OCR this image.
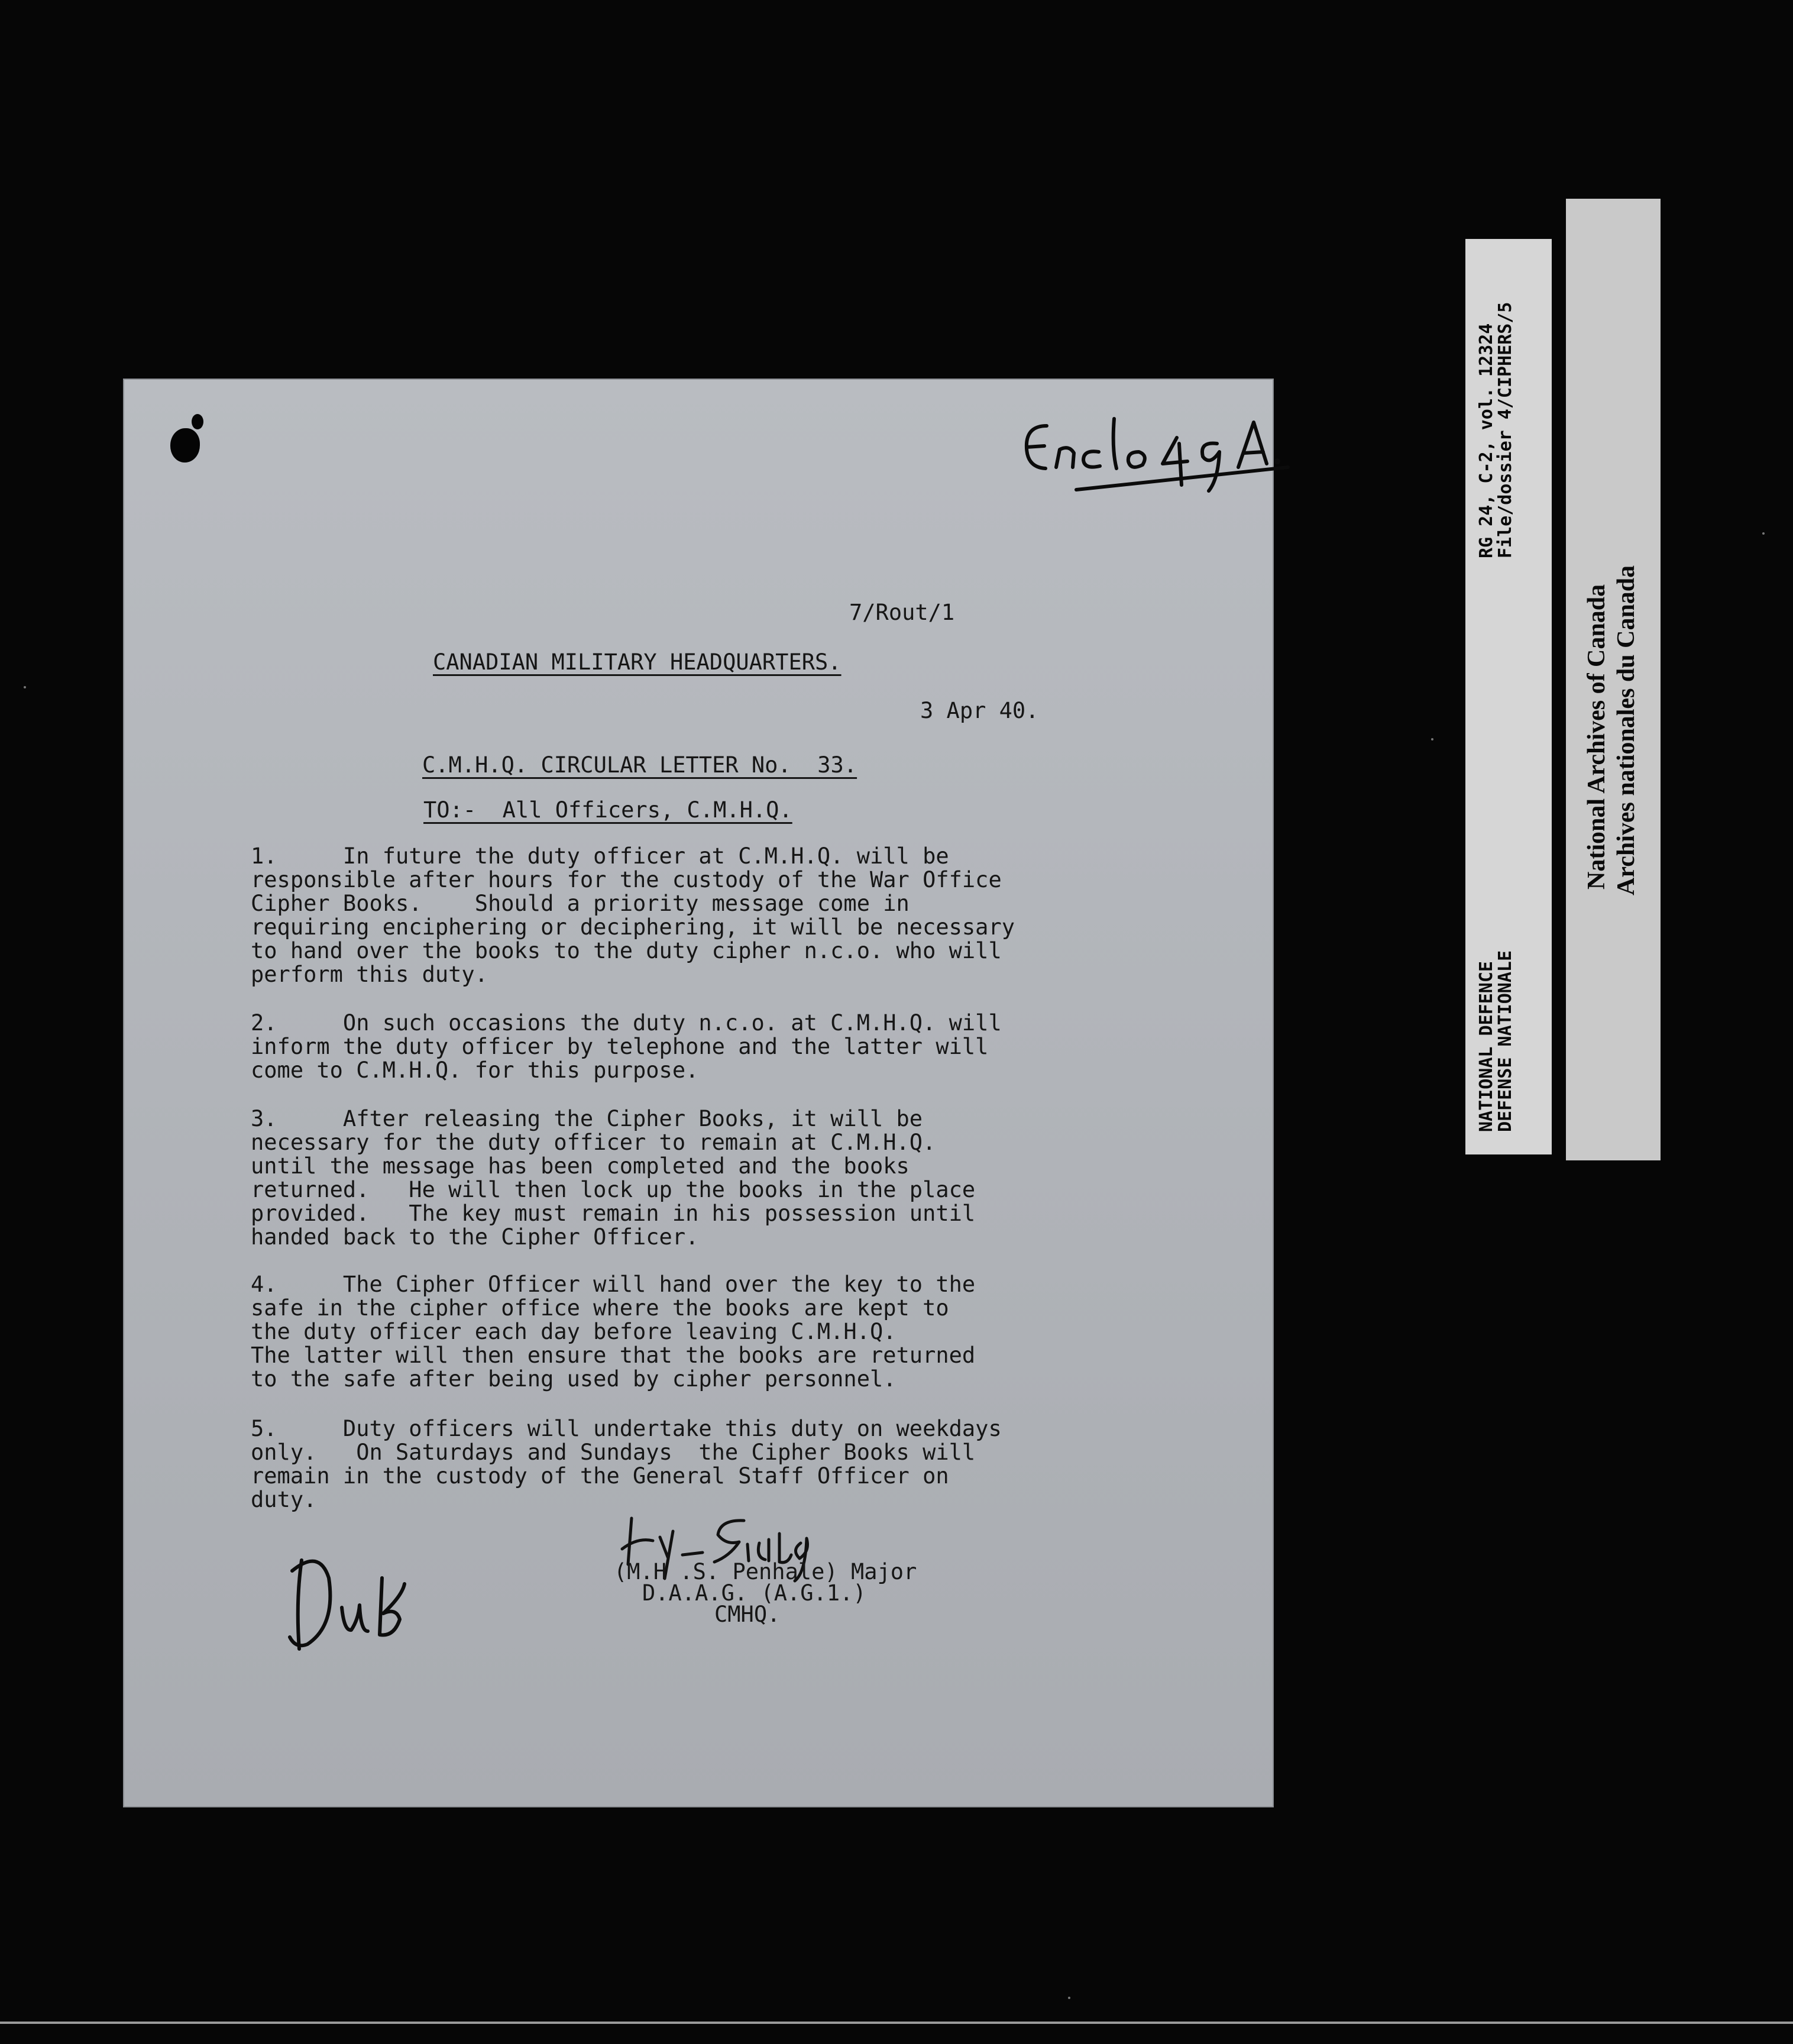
7/Rout/1
CANADIAN MILITARY HEADQUARTERS.
3 Apr 40.
C.M.H.Q. CIRCULAR LETTER No.  33.
TO:-  All Officers, C.M.H.Q.
1.     In future the duty officer at C.M.H.Q. will be
responsible after hours for the custody of the War Office
Cipher Books.    Should a priority message come in
requiring enciphering or deciphering, it will be necessary
to hand over the books to the duty cipher n.c.o. who will
perform this duty.
2.     On such occasions the duty n.c.o. at C.M.H.Q. will
inform the duty officer by telephone and the latter will
come to C.M.H.Q. for this purpose.
3.     After releasing the Cipher Books, it will be
necessary for the duty officer to remain at C.M.H.Q.
until the message has been completed and the books
returned.   He will then lock up the books in the place
provided.   The key must remain in his possession until
handed back to the Cipher Officer.
4.     The Cipher Officer will hand over the key to the
safe in the cipher office where the books are kept to
the duty officer each day before leaving C.M.H.Q.
The latter will then ensure that the books are returned
to the safe after being used by cipher personnel.
5.     Duty officers will undertake this duty on weekdays
only.   On Saturdays and Sundays  the Cipher Books will
remain in the custody of the General Staff Officer on
duty.
(M.H .S. Penhale) Major
D.A.A.G. (A.G.1.)
CMHQ.
RG 24, C-2, vol. 12324
File/dossier 4/CIPHERS/5
NATIONAL DEFENCE
DEFENSE NATIONALE
National Archives of Canada Archives nationales du Canada
